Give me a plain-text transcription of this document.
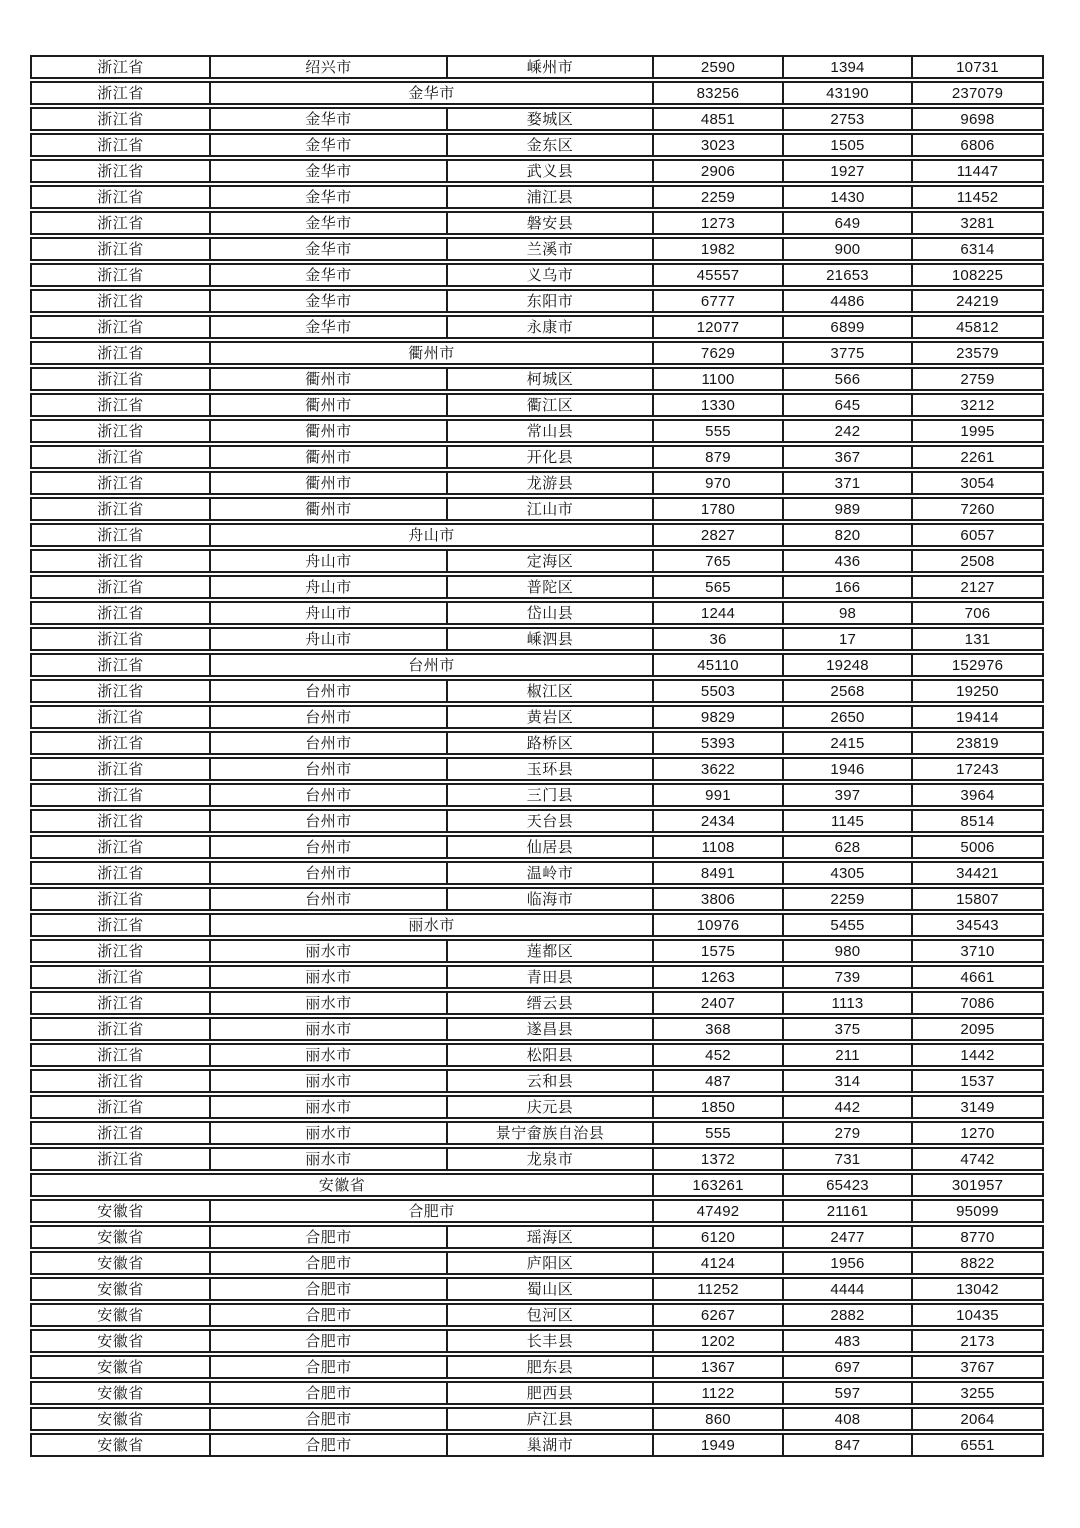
浙江省	绍兴市	嵊州市	2590	1394	10731
浙江省	金华市	83256	43190	237079
浙江省	金华市	婺城区	4851	2753	9698
浙江省	金华市	金东区	3023	1505	6806
浙江省	金华市	武义县	2906	1927	11447
浙江省	金华市	浦江县	2259	1430	11452
浙江省	金华市	磐安县	1273	649	3281
浙江省	金华市	兰溪市	1982	900	6314
浙江省	金华市	义乌市	45557	21653	108225
浙江省	金华市	东阳市	6777	4486	24219
浙江省	金华市	永康市	12077	6899	45812
浙江省	衢州市	7629	3775	23579
浙江省	衢州市	柯城区	1100	566	2759
浙江省	衢州市	衢江区	1330	645	3212
浙江省	衢州市	常山县	555	242	1995
浙江省	衢州市	开化县	879	367	2261
浙江省	衢州市	龙游县	970	371	3054
浙江省	衢州市	江山市	1780	989	7260
浙江省	舟山市	2827	820	6057
浙江省	舟山市	定海区	765	436	2508
浙江省	舟山市	普陀区	565	166	2127
浙江省	舟山市	岱山县	1244	98	706
浙江省	舟山市	嵊泗县	36	17	131
浙江省	台州市	45110	19248	152976
浙江省	台州市	椒江区	5503	2568	19250
浙江省	台州市	黄岩区	9829	2650	19414
浙江省	台州市	路桥区	5393	2415	23819
浙江省	台州市	玉环县	3622	1946	17243
浙江省	台州市	三门县	991	397	3964
浙江省	台州市	天台县	2434	1145	8514
浙江省	台州市	仙居县	1108	628	5006
浙江省	台州市	温岭市	8491	4305	34421
浙江省	台州市	临海市	3806	2259	15807
浙江省	丽水市	10976	5455	34543
浙江省	丽水市	莲都区	1575	980	3710
浙江省	丽水市	青田县	1263	739	4661
浙江省	丽水市	缙云县	2407	1113	7086
浙江省	丽水市	遂昌县	368	375	2095
浙江省	丽水市	松阳县	452	211	1442
浙江省	丽水市	云和县	487	314	1537
浙江省	丽水市	庆元县	1850	442	3149
浙江省	丽水市	景宁畲族自治县	555	279	1270
浙江省	丽水市	龙泉市	1372	731	4742
安徽省	163261	65423	301957
安徽省	合肥市	47492	21161	95099
安徽省	合肥市	瑶海区	6120	2477	8770
安徽省	合肥市	庐阳区	4124	1956	8822
安徽省	合肥市	蜀山区	11252	4444	13042
安徽省	合肥市	包河区	6267	2882	10435
安徽省	合肥市	长丰县	1202	483	2173
安徽省	合肥市	肥东县	1367	697	3767
安徽省	合肥市	肥西县	1122	597	3255
安徽省	合肥市	庐江县	860	408	2064
安徽省	合肥市	巢湖市	1949	847	6551
